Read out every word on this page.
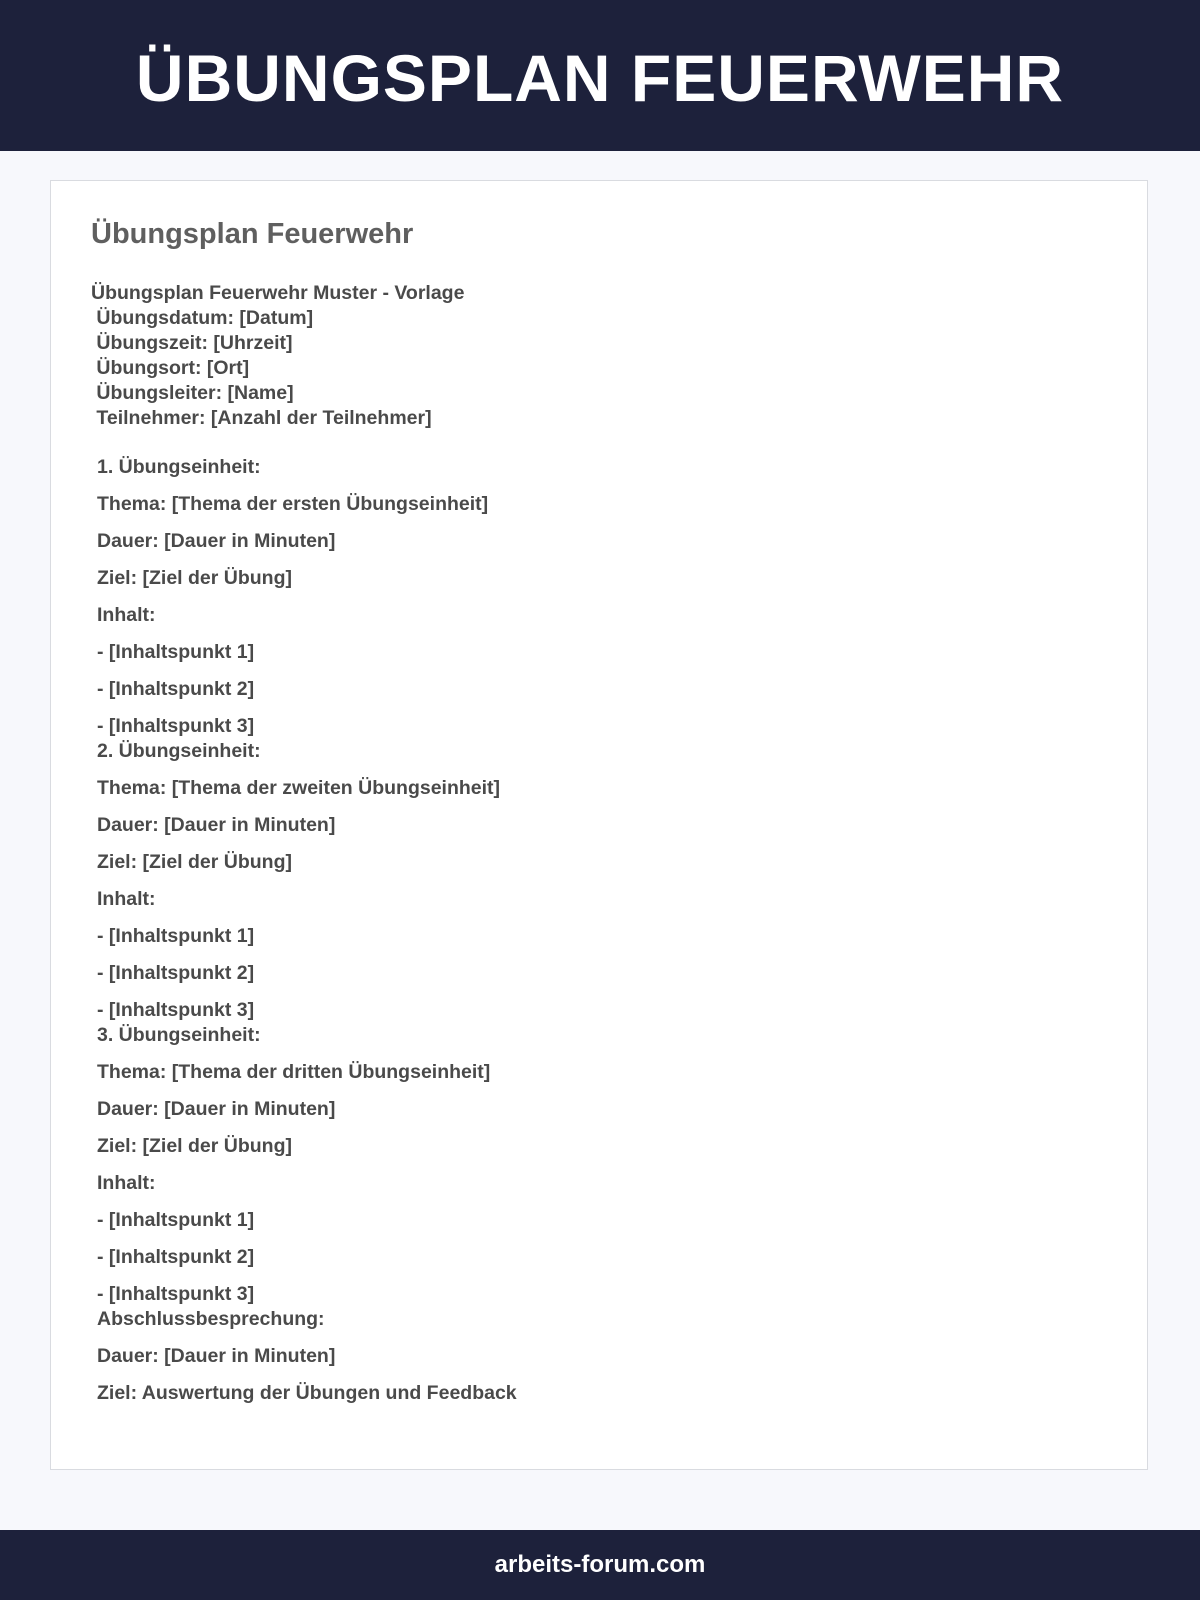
ÜBUNGSPLAN FEUERWEHR
Übungsplan Feuerwehr
Übungsplan Feuerwehr Muster - Vorlage
Übungsdatum: [Datum]
Übungszeit: [Uhrzeit]
Übungsort: [Ort]
Übungsleiter: [Name]
Teilnehmer: [Anzahl der Teilnehmer]
1. Übungseinheit:
Thema: [Thema der ersten Übungseinheit]
Dauer: [Dauer in Minuten]
Ziel: [Ziel der Übung]
Inhalt:
- [Inhaltspunkt 1]
- [Inhaltspunkt 2]
- [Inhaltspunkt 3]
2. Übungseinheit:
Thema: [Thema der zweiten Übungseinheit]
Dauer: [Dauer in Minuten]
Ziel: [Ziel der Übung]
Inhalt:
- [Inhaltspunkt 1]
- [Inhaltspunkt 2]
- [Inhaltspunkt 3]
3. Übungseinheit:
Thema: [Thema der dritten Übungseinheit]
Dauer: [Dauer in Minuten]
Ziel: [Ziel der Übung]
Inhalt:
- [Inhaltspunkt 1]
- [Inhaltspunkt 2]
- [Inhaltspunkt 3]
Abschlussbesprechung:
Dauer: [Dauer in Minuten]
Ziel: Auswertung der Übungen und Feedback
arbeits-forum.com
